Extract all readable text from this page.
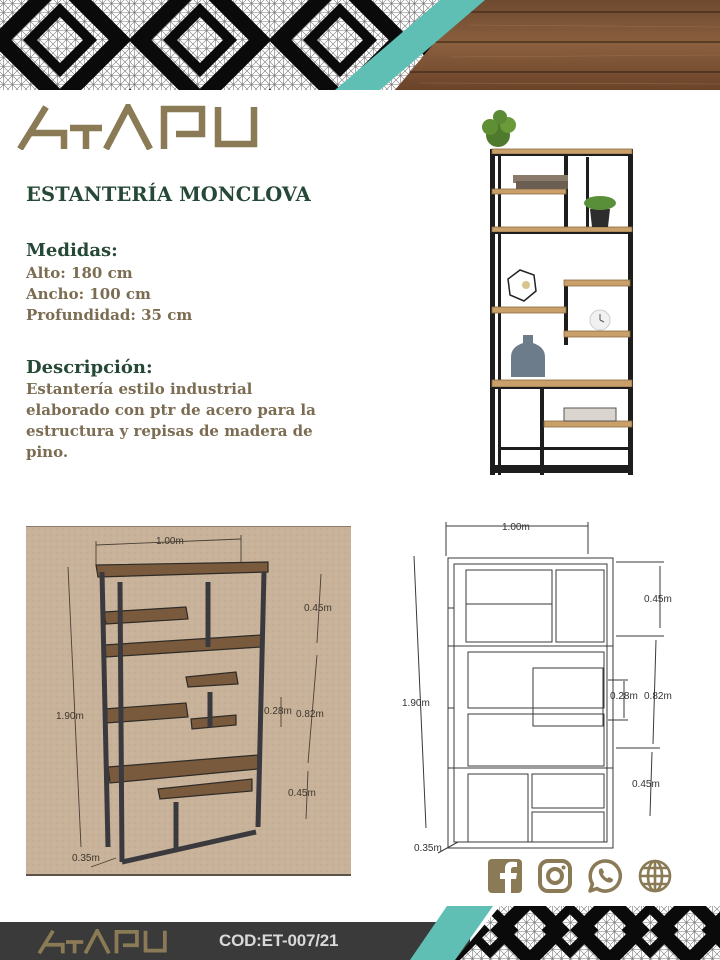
ESTANTERÍA MONCLOVA
Medidas:
Alto: 180 cm
Ancho: 100 cm
Profundidad: 35 cm
Descripción:
Estantería estilo industrial
elaborado con ptr de acero para la
estructura y repisas de madera de
pino.
1.00m
1.90m
0.45m
0.82m
0.28m
0.45m
0.35m
1.00m
1.90m
0.45m
0.82m
0.28m
0.45m
0.35m
COD:ET-007/21
